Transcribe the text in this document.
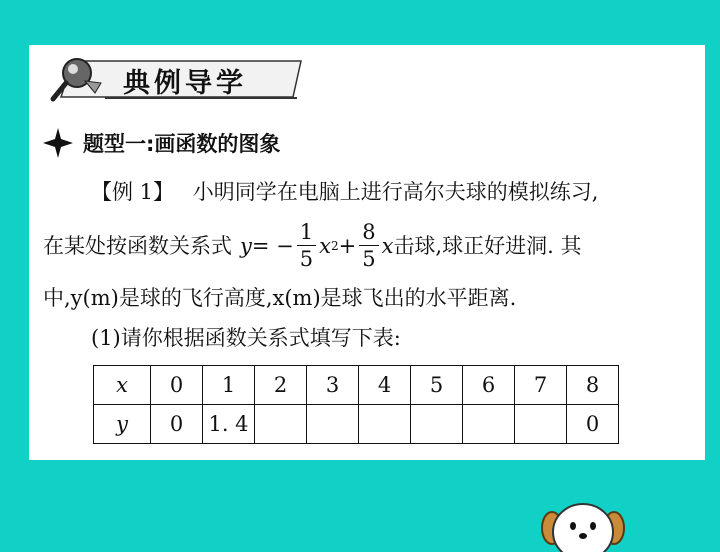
典例导学
题型一:画函数的图象
【例 1】 小明同学在电脑上进行高尔夫球的模拟练习,
在某处按函数关系式 y = − $\frac{1}{5}$ x $2 + \frac{8}{5}$ x 击球,球正好进洞. 其
中,y(m)是球的飞行高度,x(m)是球飞出的水平距离.
(1)请你根据函数关系式填写下表:
x	0	1	2	3	4	5	6	7	8
y	0	1. 4							0
